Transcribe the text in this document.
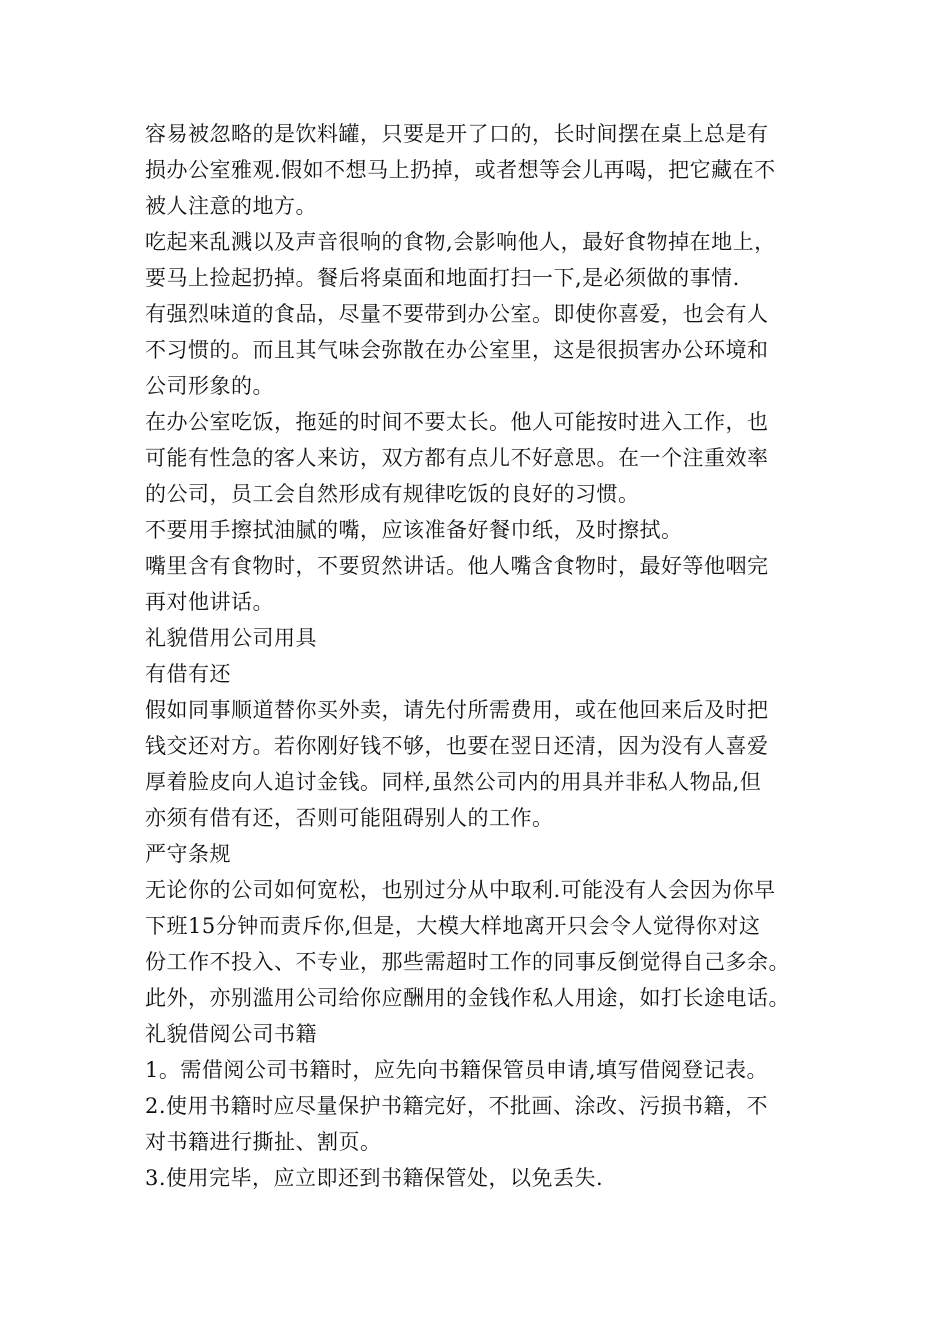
容易被忽略的是饮料罐，只要是开了口的，长时间摆在桌上总是有
损办公室雅观.假如不想马上扔掉，或者想等会儿再喝，把它藏在不
被人注意的地方。

吃起来乱溅以及声音很响的食物,会影响他人，最好食物掉在地上，
要马上捡起扔掉。餐后将桌面和地面打扫一下,是必须做的事情.

有强烈味道的食品，尽量不要带到办公室。即使你喜爱，也会有人
不习惯的。而且其气味会弥散在办公室里，这是很损害办公环境和
公司形象的。

在办公室吃饭，拖延的时间不要太长。他人可能按时进入工作，也
可能有性急的客人来访，双方都有点儿不好意思。在一个注重效率
的公司，员工会自然形成有规律吃饭的良好的习惯。

不要用手擦拭油腻的嘴，应该准备好餐巾纸，及时擦拭。

嘴里含有食物时，不要贸然讲话。他人嘴含食物时，最好等他咽完
再对他讲话。

礼貌借用公司用具

有借有还

假如同事顺道替你买外卖，请先付所需费用，或在他回来后及时把
钱交还对方。若你刚好钱不够，也要在翌日还清，因为没有人喜爱
厚着脸皮向人追讨金钱。同样,虽然公司内的用具并非私人物品,但
亦须有借有还，否则可能阻碍别人的工作。

严守条规

无论你的公司如何宽松，也别过分从中取利.可能没有人会因为你早
下班15分钟而责斥你,但是，大模大样地离开只会令人觉得你对这
份工作不投入、不专业，那些需超时工作的同事反倒觉得自己多余。

此外，亦别滥用公司给你应酬用的金钱作私人用途，如打长途电话。

礼貌借阅公司书籍

1。需借阅公司书籍时，应先向书籍保管员申请,填写借阅登记表。

2.使用书籍时应尽量保护书籍完好，不批画、涂改、污损书籍，不
对书籍进行撕扯、割页。

3.使用完毕，应立即还到书籍保管处，以免丢失.
